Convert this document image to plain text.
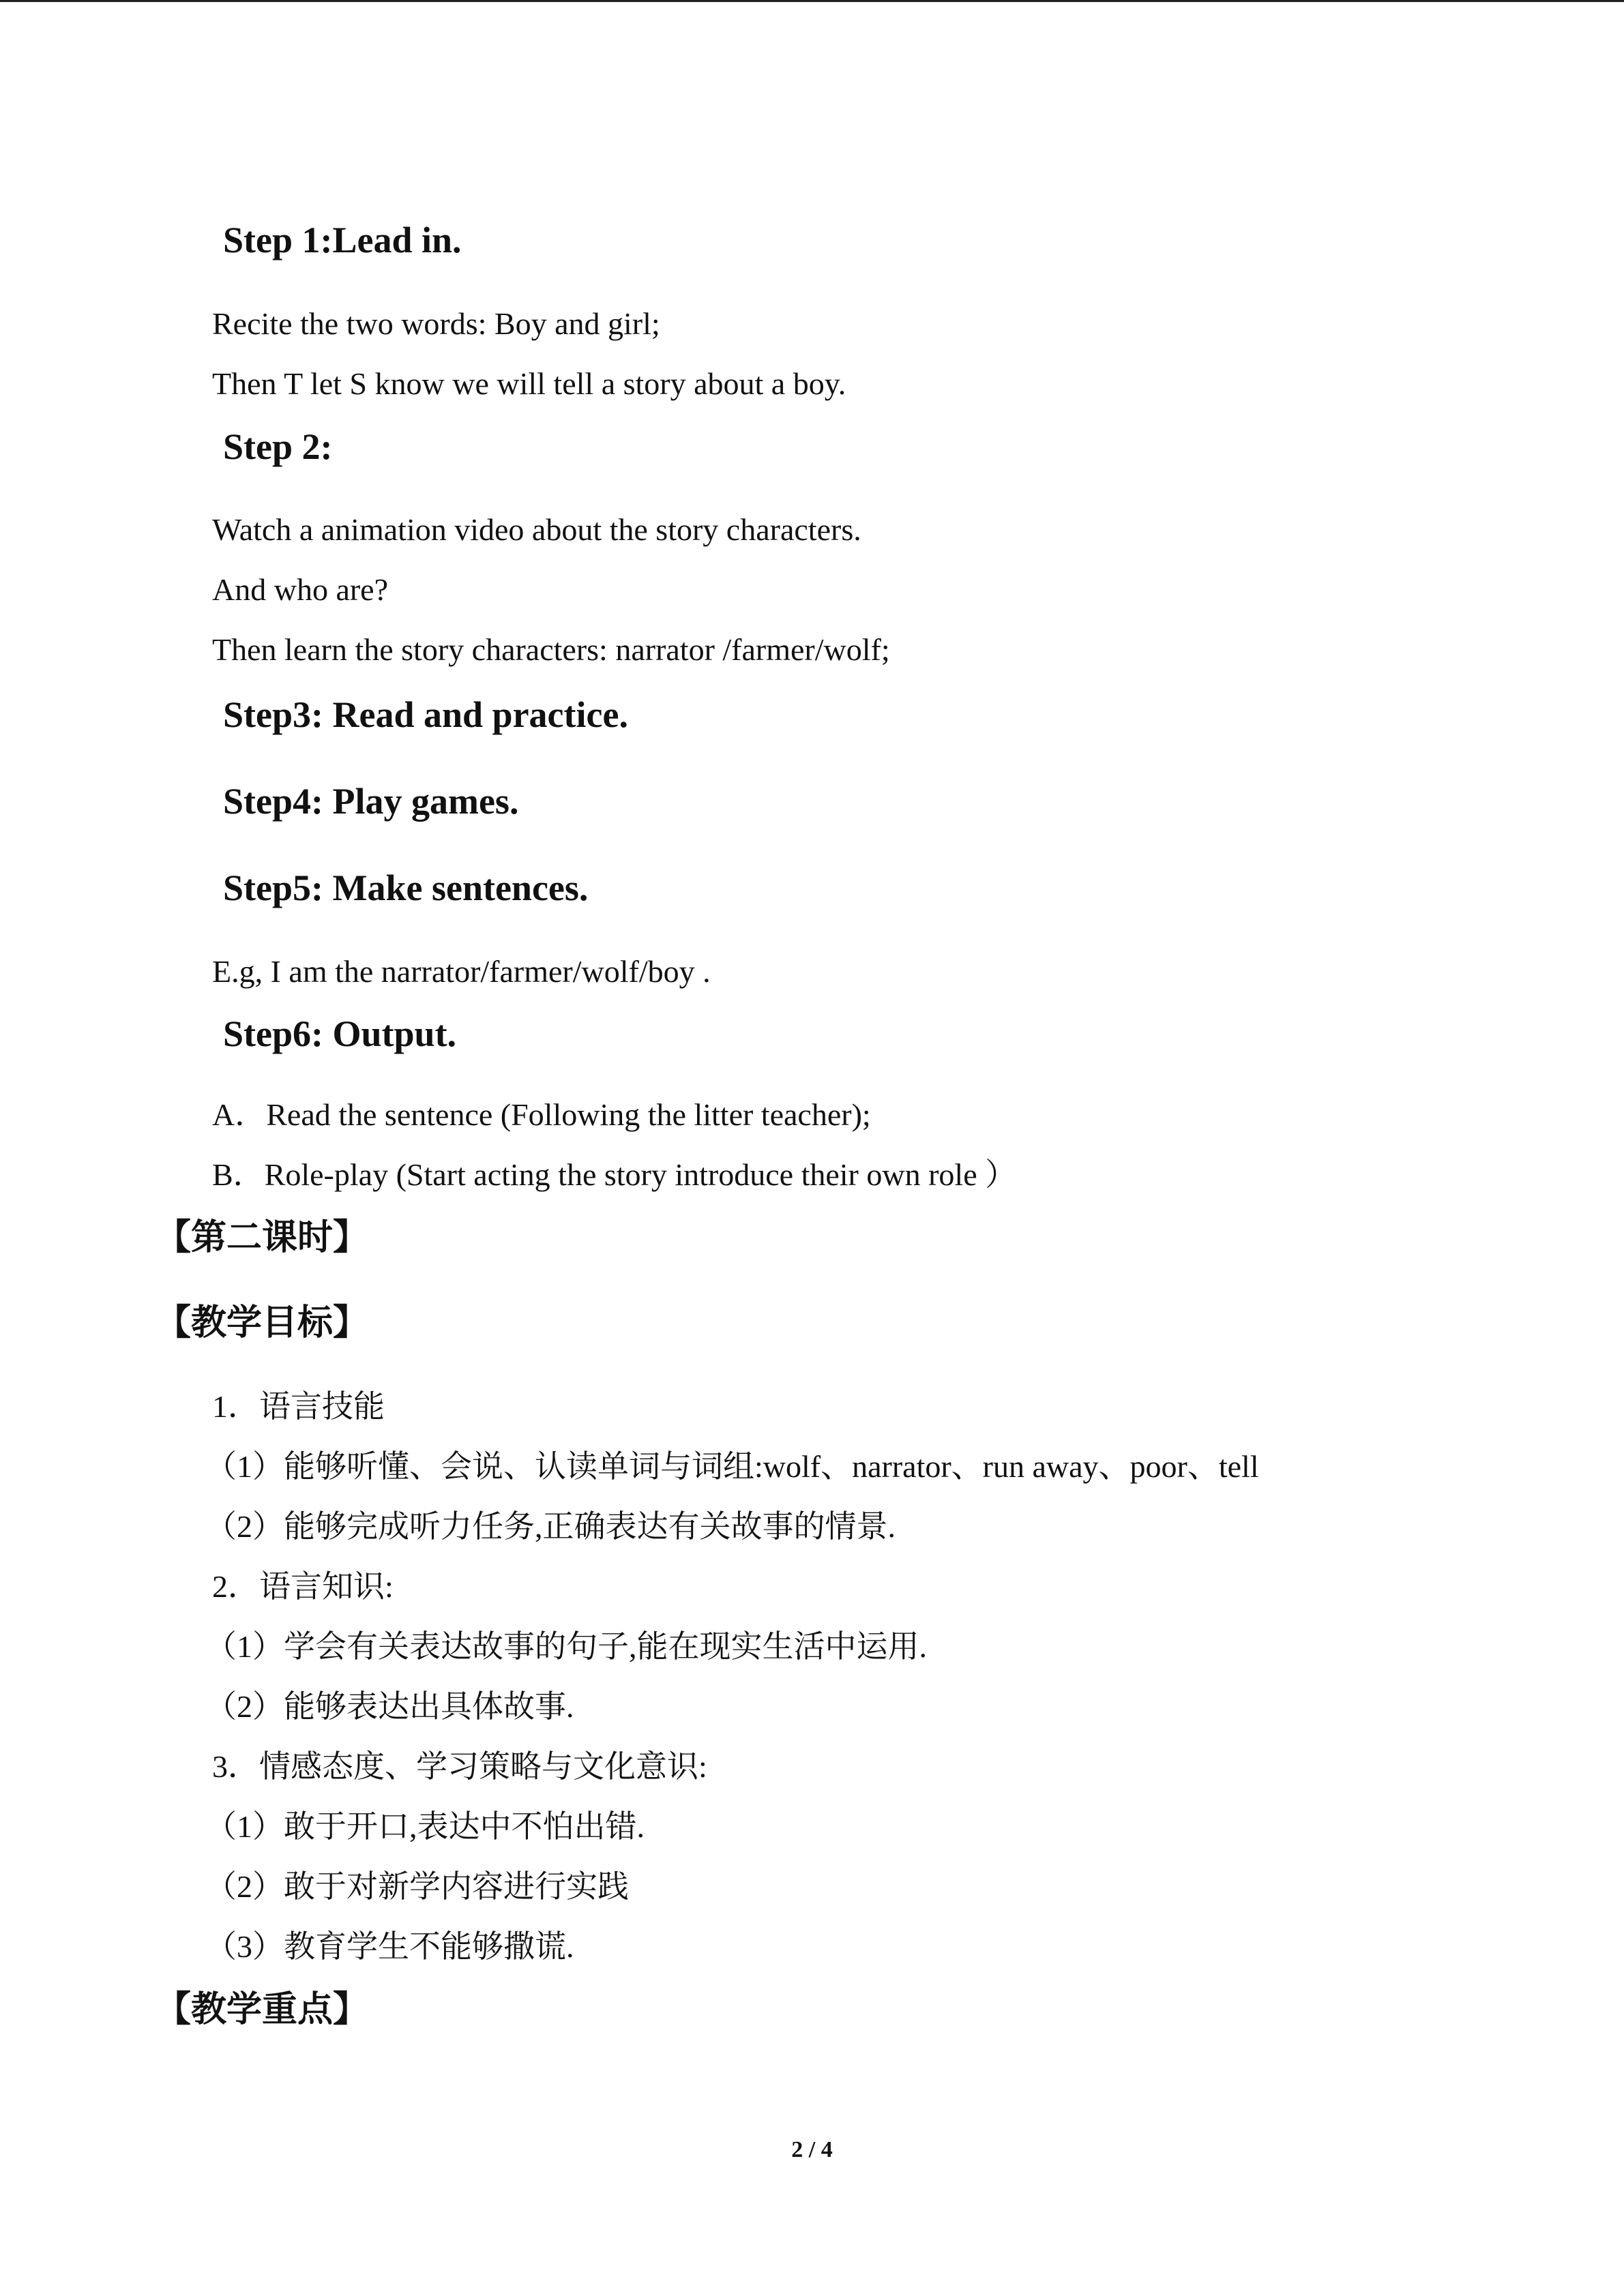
Step 1:Lead in.
Recite the two words: Boy and girl;
Then T let S know we will tell a story about a boy.
Step 2:
Watch a animation video about the story characters.
And who are?
Then learn the story characters: narrator /farmer/wolf;
Step3: Read and practice.
Step4: Play games.
Step5: Make sentences.
E.g, I am the narrator/farmer/wolf/boy .
Step6: Output.
A．Read the sentence (Following the litter teacher);
B．Role-play (Start acting the story introduce their own role ）
【第二课时】
【教学目标】
1．语言技能
（1）能够听懂、会说、认读单词与词组:wolf、narrator、run away、poor、tell
（2）能够完成听力任务,正确表达有关故事的情景.
2．语言知识:
（1）学会有关表达故事的句子,能在现实生活中运用.
（2）能够表达出具体故事.
3．情感态度、学习策略与文化意识:
（1）敢于开口,表达中不怕出错.
（2）敢于对新学内容进行实践
（3）教育学生不能够撒谎.
【教学重点】
2 / 4
